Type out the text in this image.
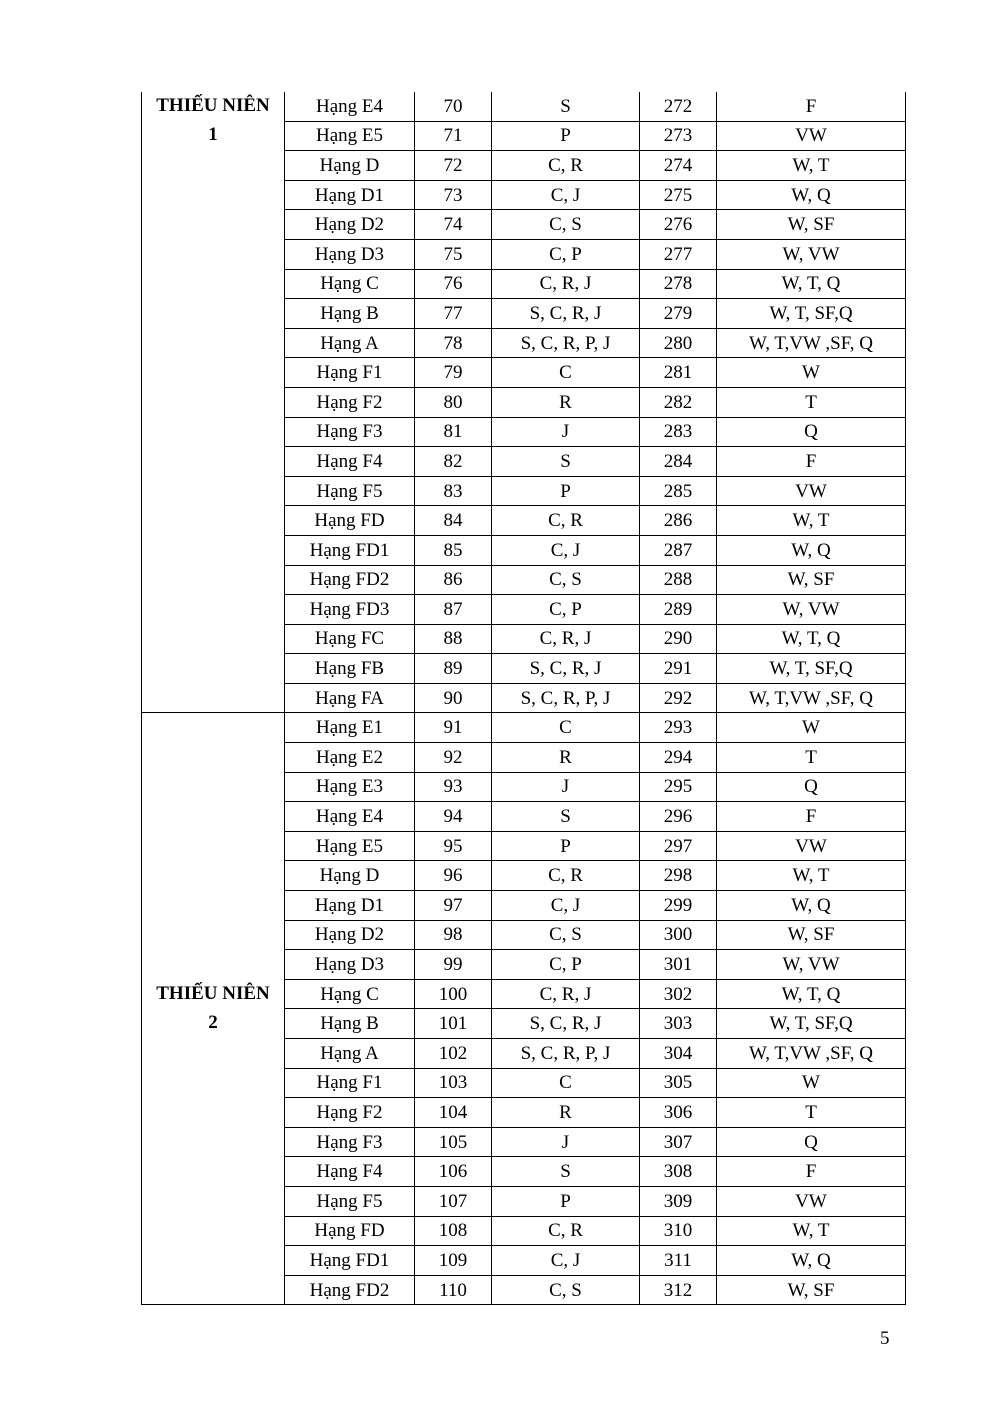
THIẾU NIÊN
1	Hạng E4	70	S	272	F
	Hạng E5	71	P	273	VW
	Hạng D	72	C, R	274	W, T
	Hạng D1	73	C, J	275	W, Q
	Hạng D2	74	C, S	276	W, SF
	Hạng D3	75	C, P	277	W, VW
	Hạng C	76	C, R, J	278	W, T, Q
	Hạng B	77	S, C, R, J	279	W, T, SF,Q
	Hạng A	78	S, C, R, P, J	280	W, T,VW ,SF, Q
	Hạng F1	79	C	281	W
	Hạng F2	80	R	282	T
	Hạng F3	81	J	283	Q
	Hạng F4	82	S	284	F
	Hạng F5	83	P	285	VW
	Hạng FD	84	C, R	286	W, T
	Hạng FD1	85	C, J	287	W, Q
	Hạng FD2	86	C, S	288	W, SF
	Hạng FD3	87	C, P	289	W, VW
	Hạng FC	88	C, R, J	290	W, T, Q
	Hạng FB	89	S, C, R, J	291	W, T, SF,Q
	Hạng FA	90	S, C, R, P, J	292	W, T,VW ,SF, Q

THIẾU NIÊN
2	Hạng E1	91	C	293	W
	Hạng E2	92	R	294	T
	Hạng E3	93	J	295	Q
	Hạng E4	94	S	296	F
	Hạng E5	95	P	297	VW
	Hạng D	96	C, R	298	W, T
	Hạng D1	97	C, J	299	W, Q
	Hạng D2	98	C, S	300	W, SF
	Hạng D3	99	C, P	301	W, VW
	Hạng C	100	C, R, J	302	W, T, Q
	Hạng B	101	S, C, R, J	303	W, T, SF,Q
	Hạng A	102	S, C, R, P, J	304	W, T,VW ,SF, Q
	Hạng F1	103	C	305	W
	Hạng F2	104	R	306	T
	Hạng F3	105	J	307	Q
	Hạng F4	106	S	308	F
	Hạng F5	107	P	309	VW
	Hạng FD	108	C, R	310	W, T
	Hạng FD1	109	C, J	311	W, Q
	Hạng FD2	110	C, S	312	W, SF
5
